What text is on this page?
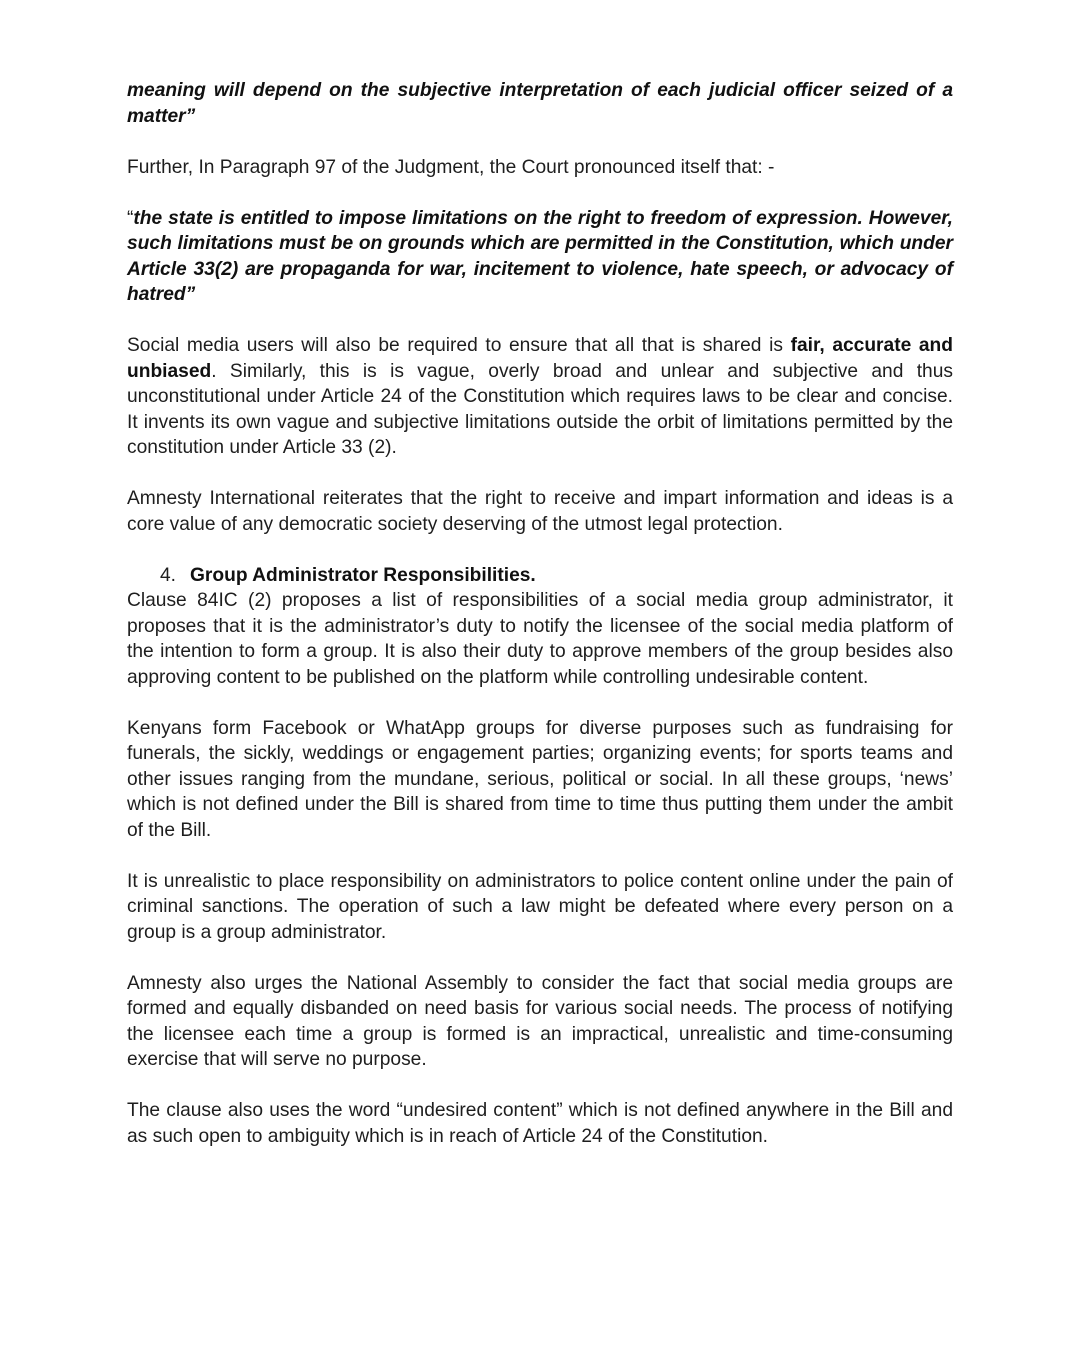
meaning will depend on the subjective interpretation of each judicial officer seized of a matter”

Further, In Paragraph 97 of the Judgment, the Court pronounced itself that: -

“the state is entitled to impose limitations on the right to freedom of expression. However, such limitations must be on grounds which are permitted in the Constitution, which under Article 33(2) are propaganda for war, incitement to violence, hate speech, or advocacy of hatred”

Social media users will also be required to ensure that all that is shared is fair, accurate and unbiased. Similarly, this is is vague, overly broad and unlear and subjective and thus unconstitutional under Article 24 of the Constitution which requires laws to be clear and concise. It invents its own vague and subjective limitations outside the orbit of limitations permitted by the constitution under Article 33 (2).

Amnesty International reiterates that the right to receive and impart information and ideas is a core value of any democratic society deserving of the utmost legal protection.

4. Group Administrator Responsibilities.

Clause 84IC (2) proposes a list of responsibilities of a social media group administrator, it proposes that it is the administrator’s duty to notify the licensee of the social media platform of the intention to form a group. It is also their duty to approve members of the group besides also approving content to be published on the platform while controlling undesirable content.

Kenyans form Facebook or WhatApp groups for diverse purposes such as fundraising for funerals, the sickly, weddings or engagement parties; organizing events; for sports teams and other issues ranging from the mundane, serious, political or social. In all these groups, ‘news’ which is not defined under the Bill is shared from time to time thus putting them under the ambit of the Bill.

It is unrealistic to place responsibility on administrators to police content online under the pain of criminal sanctions. The operation of such a law might be defeated where every person on a group is a group administrator.

Amnesty also urges the National Assembly to consider the fact that social media groups are formed and equally disbanded on need basis for various social needs. The process of notifying the licensee each time a group is formed is an impractical, unrealistic and time-consuming exercise that will serve no purpose.

The clause also uses the word “undesired content” which is not defined anywhere in the Bill and as such open to ambiguity which is in reach of Article 24 of the Constitution.
